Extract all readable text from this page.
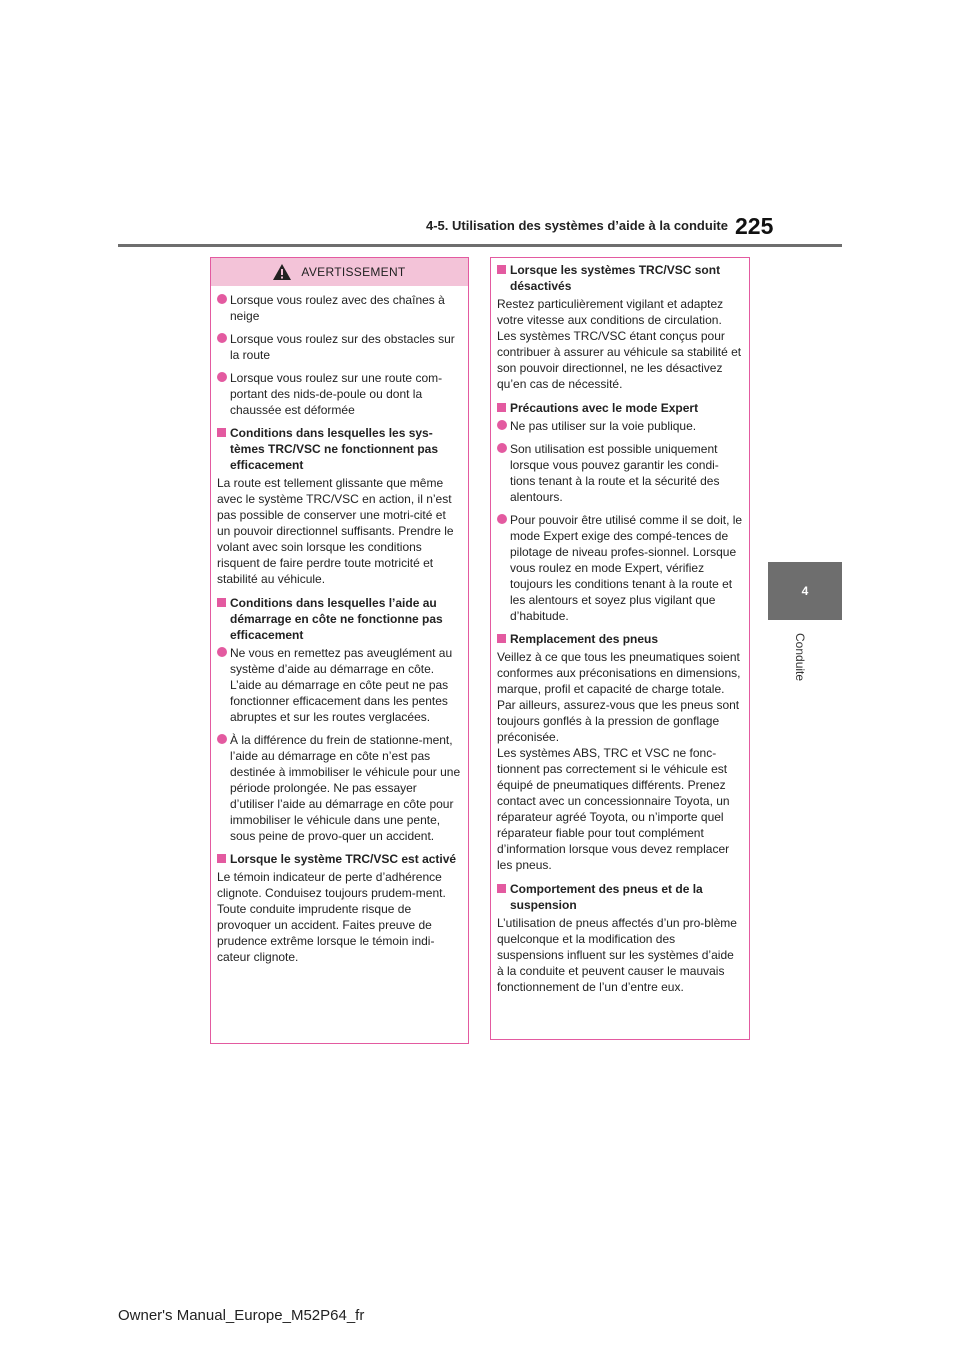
4-5. Utilisation des systèmes d’aide à la conduite 225
4
Conduite
AVERTISSEMENT
Lorsque vous roulez avec des chaînes à neige
Lorsque vous roulez sur des obstacles sur la route
Lorsque vous roulez sur une route com-portant des nids-de-poule ou dont la chaussée est déformée
Conditions dans lesquelles les sys-tèmes TRC/VSC ne fonctionnent pas efficacement
La route est tellement glissante que même avec le système TRC/VSC en action, il n’est pas possible de conserver une motri-cité et un pouvoir directionnel suffisants. Prendre le volant avec soin lorsque les conditions risquent de faire perdre toute motricité et stabilité au véhicule.
Conditions dans lesquelles l’aide au démarrage en côte ne fonctionne pas efficacement
Ne vous en remettez pas aveuglément au système d’aide au démarrage en côte. L’aide au démarrage en côte peut ne pas fonctionner efficacement dans les pentes abruptes et sur les routes verglacées.
À la différence du frein de stationne-ment, l’aide au démarrage en côte n’est pas destinée à immobiliser le véhicule pour une période prolongée. Ne pas essayer d’utiliser l’aide au démarrage en côte pour immobiliser le véhicule dans une pente, sous peine de provo-quer un accident.
Lorsque le système TRC/VSC est activé
Le témoin indicateur de perte d’adhérence clignote. Conduisez toujours prudem-ment. Toute conduite imprudente risque de provoquer un accident. Faites preuve de prudence extrême lorsque le témoin indi-cateur clignote.
Lorsque les systèmes TRC/VSC sont désactivés
Restez particulièrement vigilant et adaptez votre vitesse aux conditions de circulation. Les systèmes TRC/VSC étant conçus pour contribuer à assurer au véhicule sa stabilité et son pouvoir directionnel, ne les désactivez qu’en cas de nécessité.
Précautions avec le mode Expert
Ne pas utiliser sur la voie publique.
Son utilisation est possible uniquement lorsque vous pouvez garantir les condi-tions tenant à la route et la sécurité des alentours.
Pour pouvoir être utilisé comme il se doit, le mode Expert exige des compé-tences de pilotage de niveau profes-sionnel. Lorsque vous roulez en mode Expert, vérifiez toujours les conditions tenant à la route et les alentours et soyez plus vigilant que d’habitude.
Remplacement des pneus
Veillez à ce que tous les pneumatiques soient conformes aux préconisations en dimensions, marque, profil et capacité de charge totale. Par ailleurs, assurez-vous que les pneus sont toujours gonflés à la pression de gonflage préconisée.
Les systèmes ABS, TRC et VSC ne fonc-tionnent pas correctement si le véhicule est équipé de pneumatiques différents. Prenez contact avec un concessionnaire Toyota, un réparateur agréé Toyota, ou n’importe quel réparateur fiable pour tout complément d’information lorsque vous devez remplacer les pneus.
Comportement des pneus et de la suspension
L’utilisation de pneus affectés d’un pro-blème quelconque et la modification des suspensions influent sur les systèmes d’aide à la conduite et peuvent causer le mauvais fonctionnement de l’un d’entre eux.
Owner's Manual_Europe_M52P64_fr
